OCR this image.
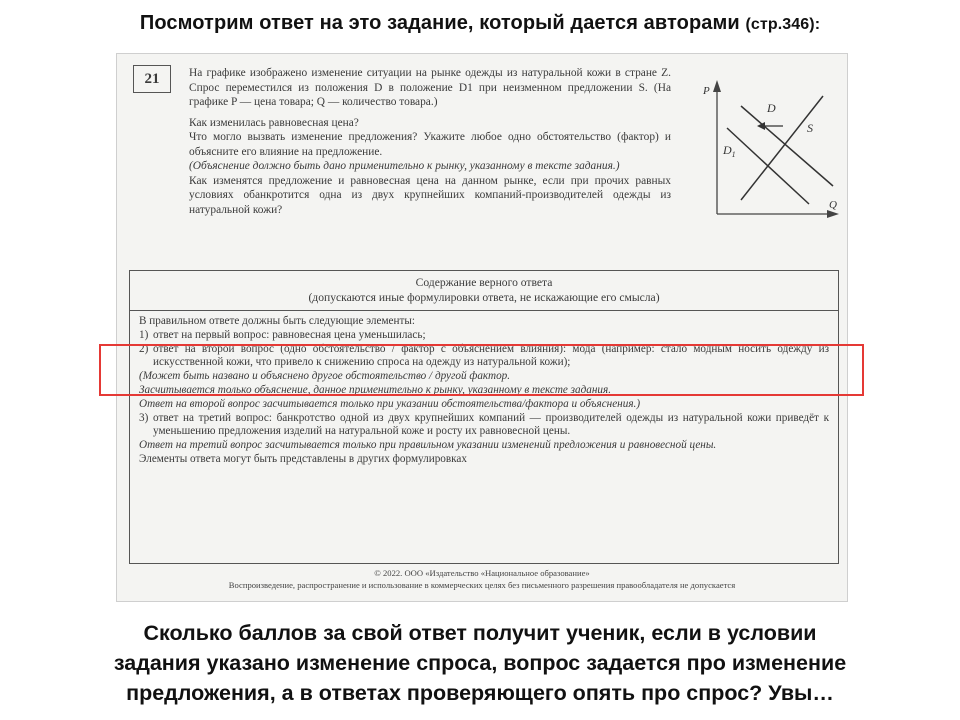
Посмотрим ответ на это задание, который дается авторами (стр.346):
21	На графике изображено изменение ситуации на рынке одежды из натуральной кожи в стране Z. Спрос переместился из положения D в положение D1 при неизменном предложении S. (На графике P — цена товара; Q — количество товара.)

Как изменилась равновесная цена?

Что могло вызвать изменение предложения? Укажите любое одно обстоятельство (фактор) и объясните его влияние на предложение.

(Объяснение должно быть данo применительно к рынку, указанному в тексте задания.)

Как изменятся предложение и равновесная цена на данном рынке, если при прочих равных условиях обанкротится одна из двух крупнейших компаний-производителей одежды из натуральной кожи?

P
Q
D
$D_1$
S
Содержание верного ответа
(допускаются иные формулировки ответа, не искажающие его смысла)

В правильном ответе должны быть следующие элементы:

1) ответ на первый вопрос: равновесная цена уменьшилась;
2) ответ на второй вопрос (одно обстоятельство / фактор с объяснением влияния): мода (например: стало модным носить одежду из искусственной кожи, что привело к снижению спроса на одежду из натуральной кожи);

(Может быть названо и объяснено другое обстоятельство / другой фактор.

Засчитывается только объяснение, данное применительно к рынку, указанному в тексте задания.

Ответ на второй вопрос засчитывается только при указании обстоятельства/фактора и объяснения.)

3) ответ на третий вопрос: банкротство одной из двух крупнейших компаний — производителей одежды из натуральной кожи приведёт к уменьшению предложения изделий на натуральной коже и росту их равновесной цены.

Ответ на третий вопрос засчитывается только при правильном указании изменений предложения и равновесной цены.

Элементы ответа могут быть представлены в других формулировках

© 2022. ООО «Издательство «Национальное образование»
Воспроизведение, распространение и использование в коммерческих целях без письменного разрешения правообладателя не допускается
Сколько баллов за свой ответ получит ученик, если в условии
задания указано изменение спроса, вопрос задается про изменение
предложения, а в ответах проверяющего опять про спрос? Увы…
